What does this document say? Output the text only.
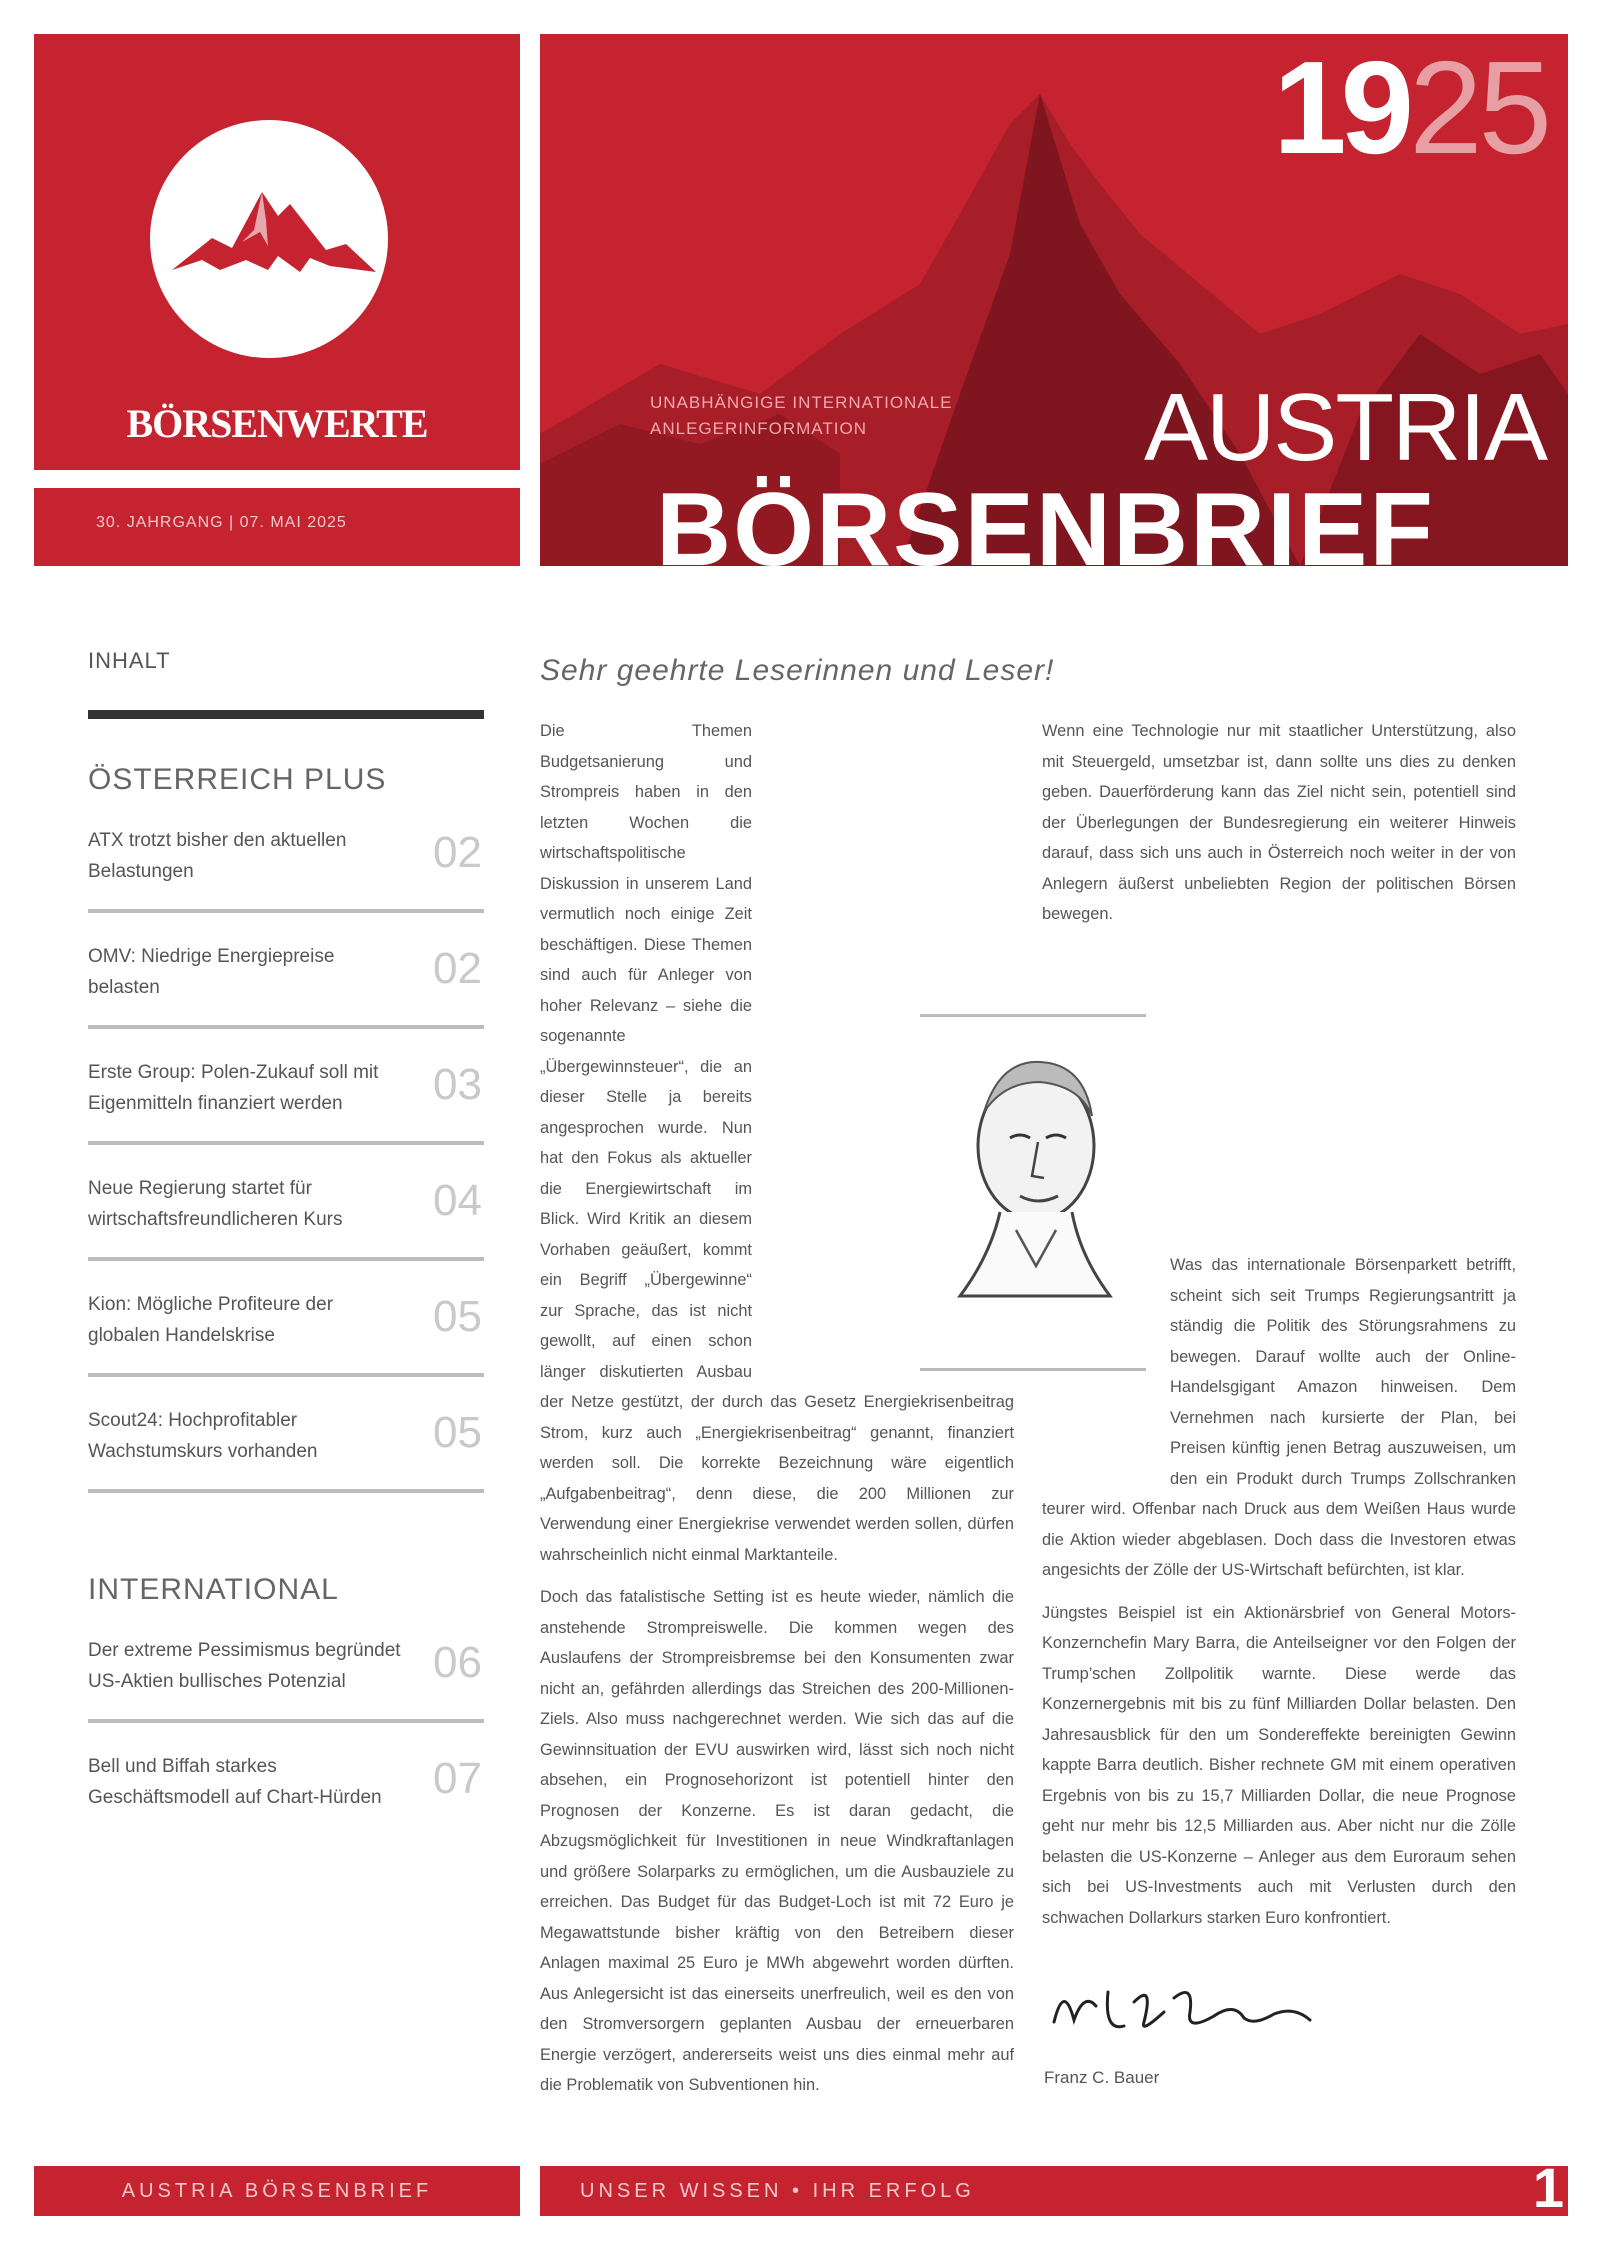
BÖRSENWERTE
30. JAHRGANG | 07. MAI 2025
19 25
UNABHÄNGIGE INTERNATIONALE ANLEGERINFORMATION	AUSTRIA
BÖRSENBRIEF
INHALT
ÖSTERREICH PLUS
ATX trotzt bisher den aktuellen Belastungen	02
OMV: Niedrige Energiepreise belasten	02
Erste Group: Polen-Zukauf soll mit Eigenmitteln finanziert werden	03
Neue Regierung startet für wirtschaftsfreundlicheren Kurs	04
Kion: Mögliche Profiteure der globalen Handelskrise	05
Scout24: Hochprofitabler Wachstumskurs vorhanden	05
INTERNATIONAL
Der extreme Pessimismus begründet US-Aktien bullisches Potenzial	06
Bell und Biffah starkes Geschäftsmodell auf Chart-Hürden	07
Sehr geehrte Leserinnen und Leser!

Die Themen Budgetsanierung und Strompreis haben in den letzten Wochen die wirtschaftspolitische Diskussion in unserem Land vermutlich noch einige Zeit beschäftigen. Diese Themen sind auch für Anleger von hoher Relevanz – siehe die sogenannte „Übergewinnsteuer“, die an dieser Stelle ja bereits angesprochen wurde. Nun hat den Fokus als aktueller die Energiewirtschaft im Blick. Wird Kritik an diesem Vorhaben geäußert, kommt ein Begriff „Übergewinne“ zur Sprache, das ist nicht gewollt, auf einen schon länger diskutierten Ausbau der Netze gestützt, der durch das Gesetz Energiekrisenbeitrag Strom, kurz auch „Energiekrisenbeitrag“ genannt, finanziert werden soll. Die korrekte Bezeichnung wäre eigentlich „Aufgabenbeitrag“, denn diese, die 200 Millionen zur Verwendung einer Energiekrise verwendet werden sollen, dürfen wahrscheinlich nicht einmal Marktanteile.

Doch das fatalistische Setting ist es heute wieder, nämlich die anstehende Strompreiswelle. Die kommen wegen des Auslaufens der Strompreisbremse bei den Konsumenten zwar nicht an, gefährden allerdings das Streichen des 200-Millionen-Ziels. Also muss nachgerechnet werden. Wie sich das auf die Gewinnsituation der EVU auswirken wird, lässt sich noch nicht absehen, ein Prognosehorizont ist potentiell hinter den Prognosen der Konzerne. Es ist daran gedacht, die Abzugsmöglichkeit für Investitionen in neue Windkraftanlagen und größere Solarparks zu ermöglichen, um die Ausbauziele zu erreichen. Das Budget für das Budget-Loch ist mit 72 Euro je Megawattstunde bisher kräftig von den Betreibern dieser Anlagen maximal 25 Euro je MWh abgewehrt worden dürften. Aus Anlegersicht ist das einerseits unerfreulich, weil es den von den Stromversorgern geplanten Ausbau der erneuerbaren Energie verzögert, andererseits weist uns dies einmal mehr auf die Problematik von Subventionen hin.

Wenn eine Technologie nur mit staatlicher Unterstützung, also mit Steuergeld, umsetzbar ist, dann sollte uns dies zu denken geben. Dauerförderung kann das Ziel nicht sein, potentiell sind der Überlegungen der Bundesregierung ein weiterer Hinweis darauf, dass sich uns auch in Österreich noch weiter in der von Anlegern äußerst unbeliebten Region der politischen Börsen bewegen.

Was das internationale Börsenparkett betrifft, scheint sich seit Trumps Regierungsantritt ja ständig die Politik des Störungsrahmens zu bewegen. Darauf wollte auch der Online-Handelsgigant Amazon hinweisen. Dem Vernehmen nach kursierte der Plan, bei Preisen künftig jenen Betrag auszuweisen, um den ein Produkt durch Trumps Zollschranken teurer wird. Offenbar nach Druck aus dem Weißen Haus wurde die Aktion wieder abgeblasen. Doch dass die Investoren etwas angesichts der Zölle der US-Wirtschaft befürchten, ist klar.

Jüngstes Beispiel ist ein Aktionärsbrief von General Motors-Konzernchefin Mary Barra, die Anteilseigner vor den Folgen der Trump’schen Zollpolitik warnte. Diese werde das Konzernergebnis mit bis zu fünf Milliarden Dollar belasten. Den Jahresausblick für den um Sondereffekte bereinigten Gewinn kappte Barra deutlich. Bisher rechnete GM mit einem operativen Ergebnis von bis zu 15,7 Milliarden Dollar, die neue Prognose geht nur mehr bis 12,5 Milliarden aus. Aber nicht nur die Zölle belasten die US-Konzerne – Anleger aus dem Euroraum sehen sich bei US-Investments auch mit Verlusten durch den schwachen Dollarkurs starken Euro konfrontiert.

Franz C. Bauer
AUSTRIA BÖRSENBRIEF	UNSER WISSEN • IHR ERFOLG	1
